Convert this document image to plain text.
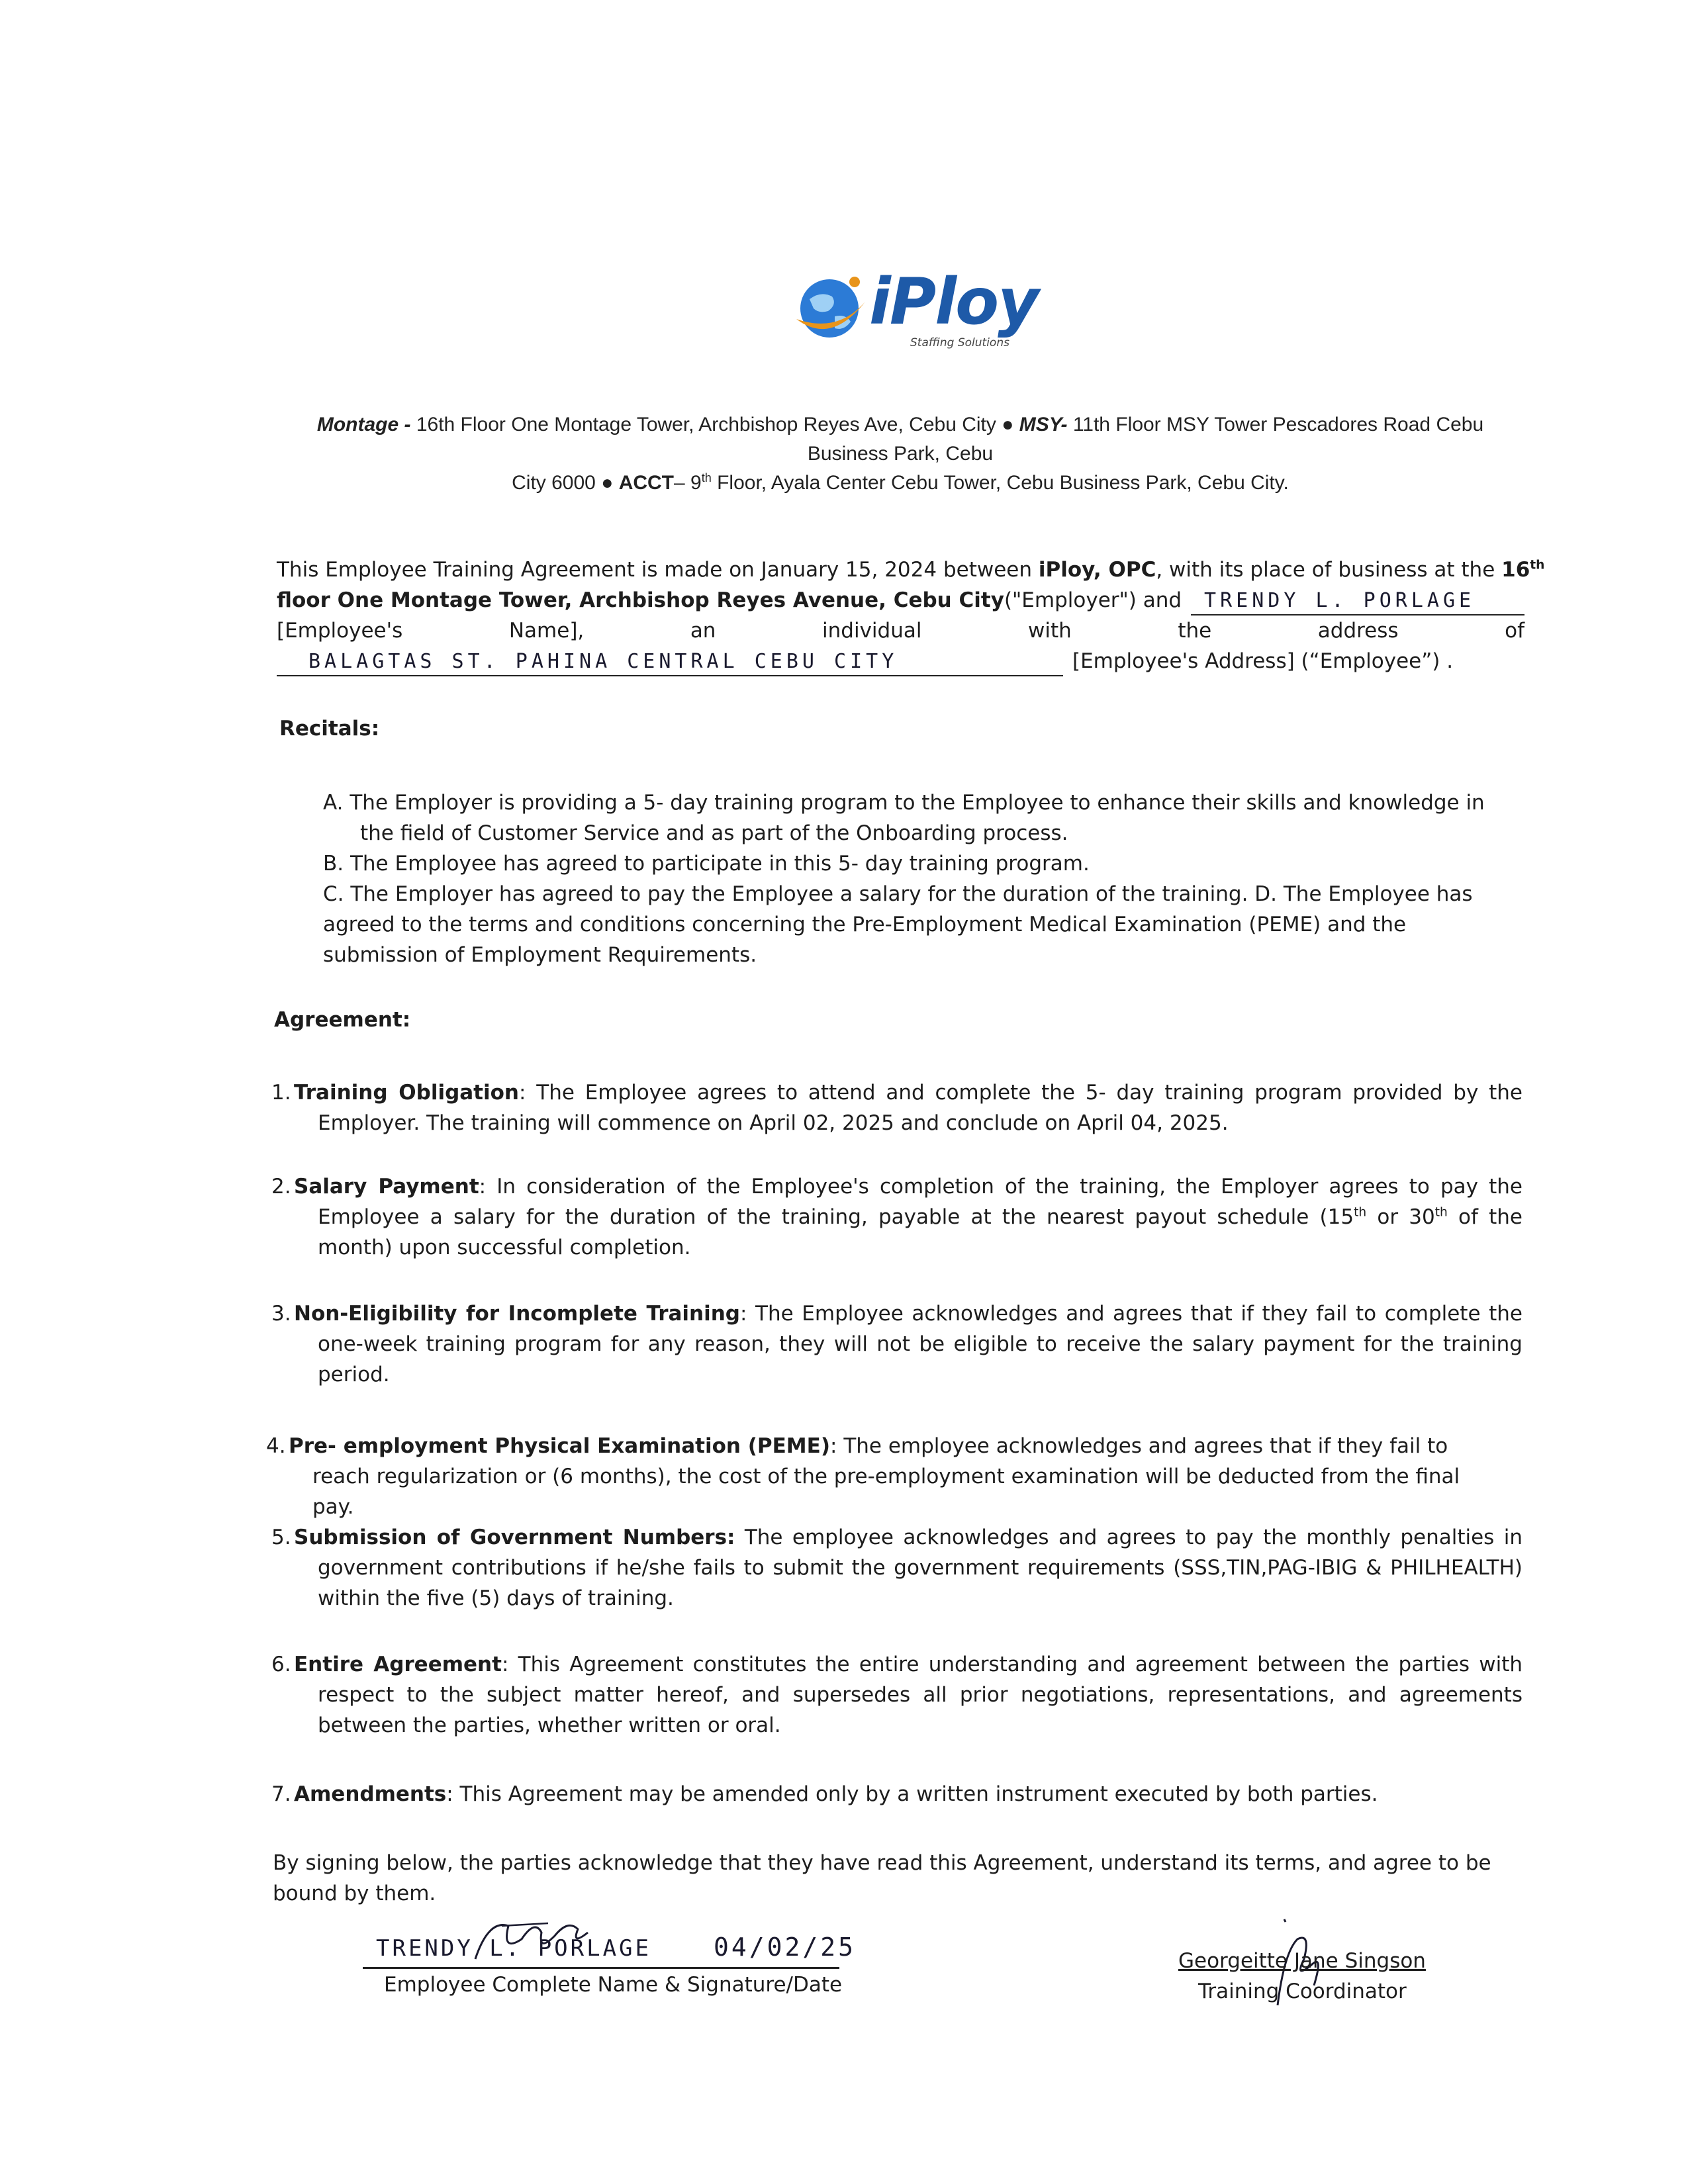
iPloy
Staffing Solutions
Montage - 16th Floor One Montage Tower, Archbishop Reyes Ave, Cebu City ● MSY- 11th Floor MSY Tower Pescadores Road Cebu Business Park, Cebu
City 6000 ● ACCT– 9th Floor, Ayala Center Cebu Tower, Cebu Business Park, Cebu City.
This Employee Training Agreement is made on January 15, 2024 between iPloy, OPC, with its place of business at the 16th
floor One Montage Tower, Archbishop Reyes Avenue, Cebu City ("Employer") and	TRENDY L. PORLAGE
[Employee's	Name],	an	individual	with	the	address	of
BALAGTAS ST. PAHINA CENTRAL CEBU CITY	[Employee's Address] (“Employee”) .
Recitals:
A. The Employer is providing a 5- day training program to the Employee to enhance their skills and knowledge in
the field of Customer Service and as part of the Onboarding process.
B. The Employee has agreed to participate in this 5- day training program.
C. The Employer has agreed to pay the Employee a salary for the duration of the training. D. The Employee has
agreed to the terms and conditions concerning the Pre-Employment Medical Examination (PEME) and the
submission of Employment Requirements.
Agreement:
1. Training Obligation: The Employee agrees to attend and complete the 5- day training program provided by the Employer. The training will commence on April 02, 2025 and conclude on April 04, 2025.
2. Salary Payment: In consideration of the Employee's completion of the training, the Employer agrees to pay the Employee a salary for the duration of the training, payable at the nearest payout schedule (15th or 30th of the month) upon successful completion.
3. Non-Eligibility for Incomplete Training: The Employee acknowledges and agrees that if they fail to complete the one-week training program for any reason, they will not be eligible to receive the salary payment for the training period.
4. Pre- employment Physical Examination (PEME): The employee acknowledges and agrees that if they fail to reach regularization or (6 months), the cost of the pre-employment examination will be deducted from the final pay.
5. Submission of Government Numbers: The employee acknowledges and agrees to pay the monthly penalties in government contributions if he/she fails to submit the government requirements (SSS,TIN,PAG-IBIG & PHILHEALTH) within the five (5) days of training.
6. Entire Agreement: This Agreement constitutes the entire understanding and agreement between the parties with respect to the subject matter hereof, and supersedes all prior negotiations, representations, and agreements between the parties, whether written or oral.
7. Amendments: This Agreement may be amended only by a written instrument executed by both parties.
By signing below, the parties acknowledge that they have read this Agreement, understand its terms, and agree to be bound by them.
TRENDY L. PORLAGE 04/02/25
Employee Complete Name & Signature/Date
Georgeitte Jane Singson
Training Coordinator
